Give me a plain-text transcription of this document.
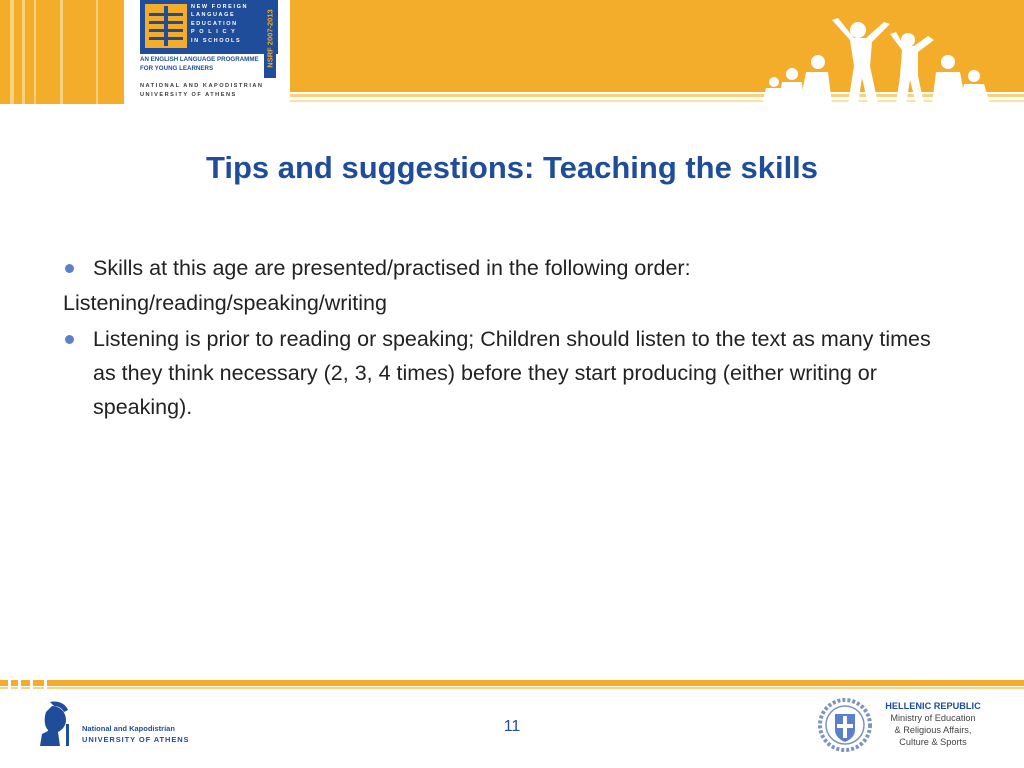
NEW FOREIGN
LANGUAGE
EDUCATION
P O L I C Y
IN SCHOOLS	NSRF 2007-2013
AN ENGLISH LANGUAGE PROGRAMME
FOR YOUNG LEARNERS
NATIONAL AND KAPODISTRIAN
UNIVERSITY OF ATHENS
Tips and suggestions: Teaching the skills
Skills at this age are presented/practised in the following order:
Listening/reading/speaking/writing
Listening is prior to reading or speaking; Children should listen to the text as many times as they think necessary (2, 3, 4 times) before they start producing (either writing or speaking).
National and Kapodistrian
UNIVERSITY OF ATHENS
11
HELLENIC REPUBLIC
Ministry of Education
& Religious Affairs,
Culture & Sports
